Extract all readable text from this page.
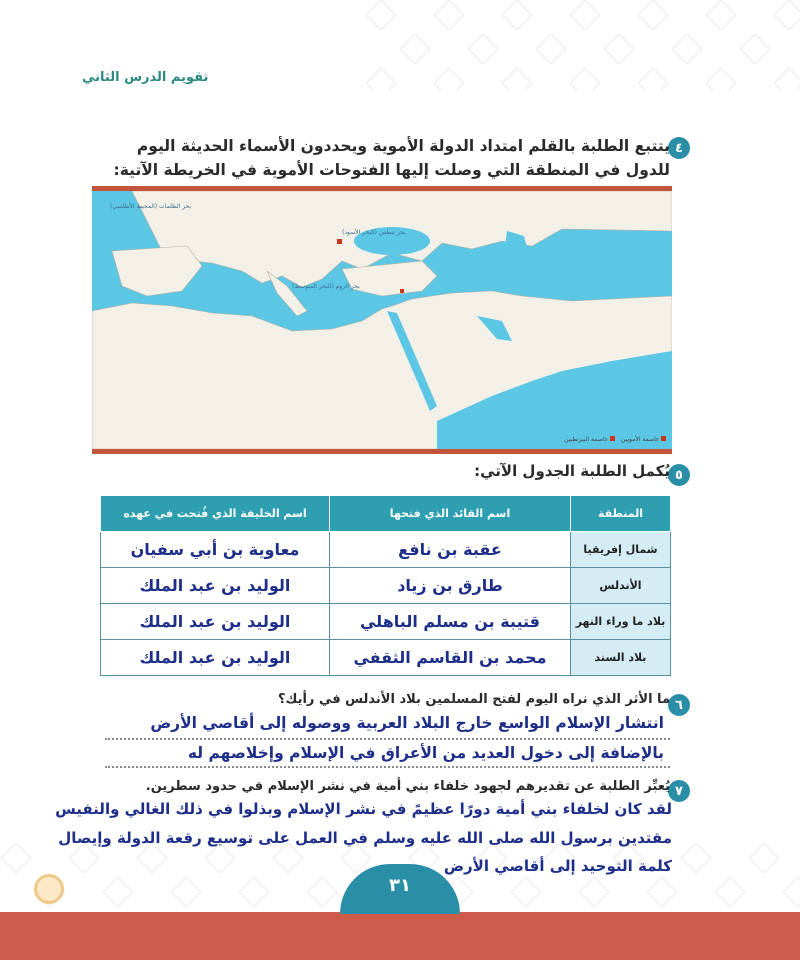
تقويم الدرس الثاني
٤
يتتبع الطلبة بالقلم امتداد الدولة الأموية ويحددون الأسماء الحديثة اليوم للدول في المنطقة التي وصلت إليها الفتوحات الأموية في الخريطة الآتية:
بحر الظلمات (المحيط الأطلسي)
بحر نيطس (البحر الأسود)
بحر الروم (البحر المتوسط)
عاصمة الأمويين    عاصمة البيزنطيين
٥
يُكمل الطلبة الجدول الآتي:
المنطقة	اسم القائد الذي فتحها	اسم الخليفة الذي فُتحت في عهده
شمال إفريقيا	عقبة بن نافع	معاوية بن أبي سفيان
الأندلس	طارق بن زياد	الوليد بن عبد الملك
بلاد ما وراء النهر	قتيبة بن مسلم الباهلي	الوليد بن عبد الملك
بلاد السند	محمد بن القاسم الثقفي	الوليد بن عبد الملك
٦
ما الأثر الذي نراه اليوم لفتح المسلمين بلاد الأندلس في رأيك؟
انتشار الإسلام الواسع خارج البلاد العربية ووصوله إلى أقاصي الأرض
بالإضافة إلى دخول العديد من الأعراق في الإسلام وإخلاصهم له
٧
يُعبِّر الطلبة عن تقديرهم لجهود خلفاء بني أمية في نشر الإسلام في حدود سطرين.
لقد كان لخلفاء بني أمية دورًا عظيمً في نشر الإسلام وبذلوا في ذلك الغالي والنفيس
مقتدين برسول الله صلى الله عليه وسلم في العمل على توسيع رقعة الدولة وإيصال
كلمة التوحيد إلى أقاصي الأرض
٣١
